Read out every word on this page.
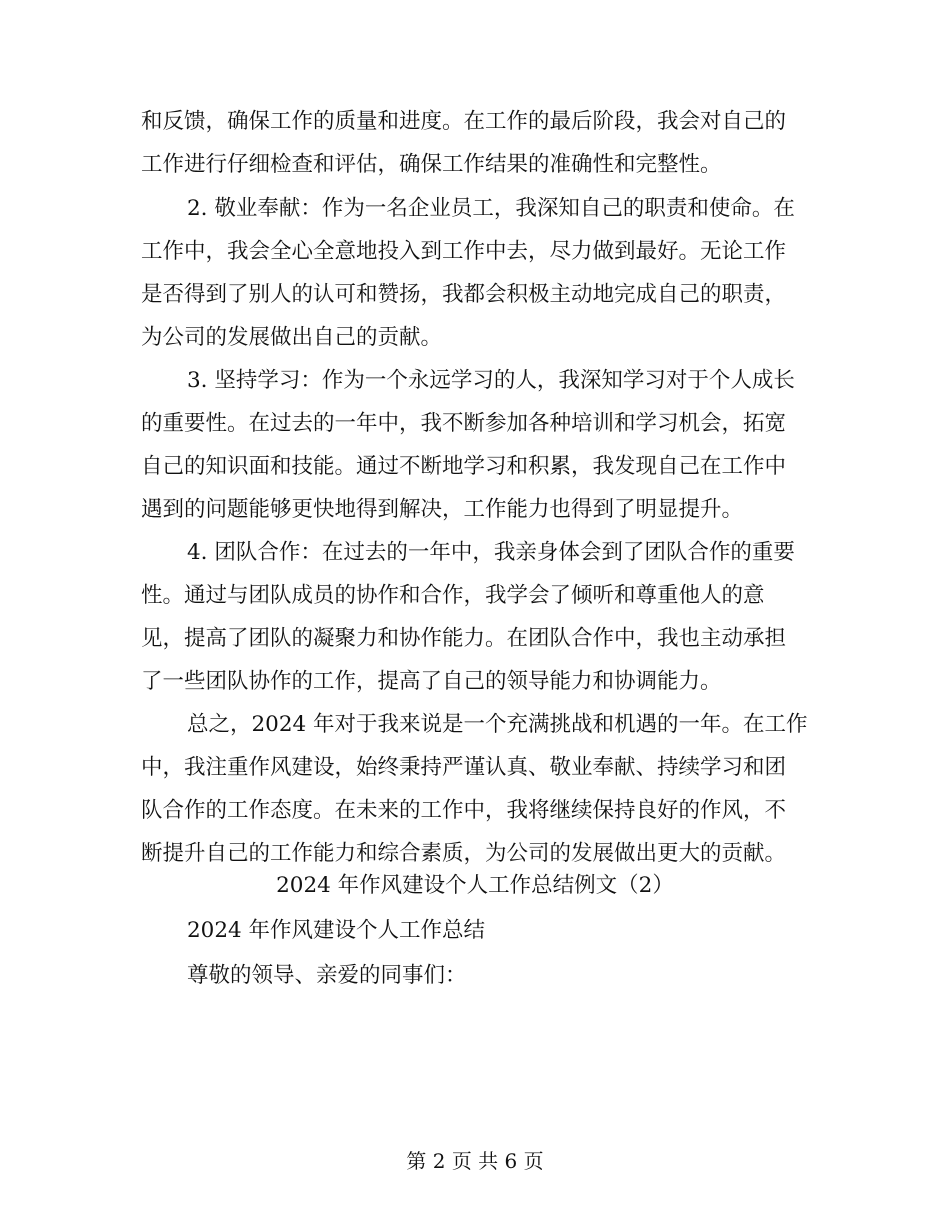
和反馈，确保工作的质量和进度。在工作的最后阶段，我会对自己的
工作进行仔细检查和评估，确保工作结果的准确性和完整性。
2. 敬业奉献：作为一名企业员工，我深知自己的职责和使命。在
工作中，我会全心全意地投入到工作中去，尽力做到最好。无论工作
是否得到了别人的认可和赞扬，我都会积极主动地完成自己的职责，
为公司的发展做出自己的贡献。
3. 坚持学习：作为一个永远学习的人，我深知学习对于个人成长
的重要性。在过去的一年中，我不断参加各种培训和学习机会，拓宽
自己的知识面和技能。通过不断地学习和积累，我发现自己在工作中
遇到的问题能够更快地得到解决，工作能力也得到了明显提升。
4. 团队合作：在过去的一年中，我亲身体会到了团队合作的重要
性。通过与团队成员的协作和合作，我学会了倾听和尊重他人的意
见，提高了团队的凝聚力和协作能力。在团队合作中，我也主动承担
了一些团队协作的工作，提高了自己的领导能力和协调能力。
总之，2024 年对于我来说是一个充满挑战和机遇的一年。在工作
中，我注重作风建设，始终秉持严谨认真、敬业奉献、持续学习和团
队合作的工作态度。在未来的工作中，我将继续保持良好的作风，不
断提升自己的工作能力和综合素质，为公司的发展做出更大的贡献。
2024 年作风建设个人工作总结例文（2）
2024 年作风建设个人工作总结
尊敬的领导、亲爱的同事们：
第 2 页 共 6 页
